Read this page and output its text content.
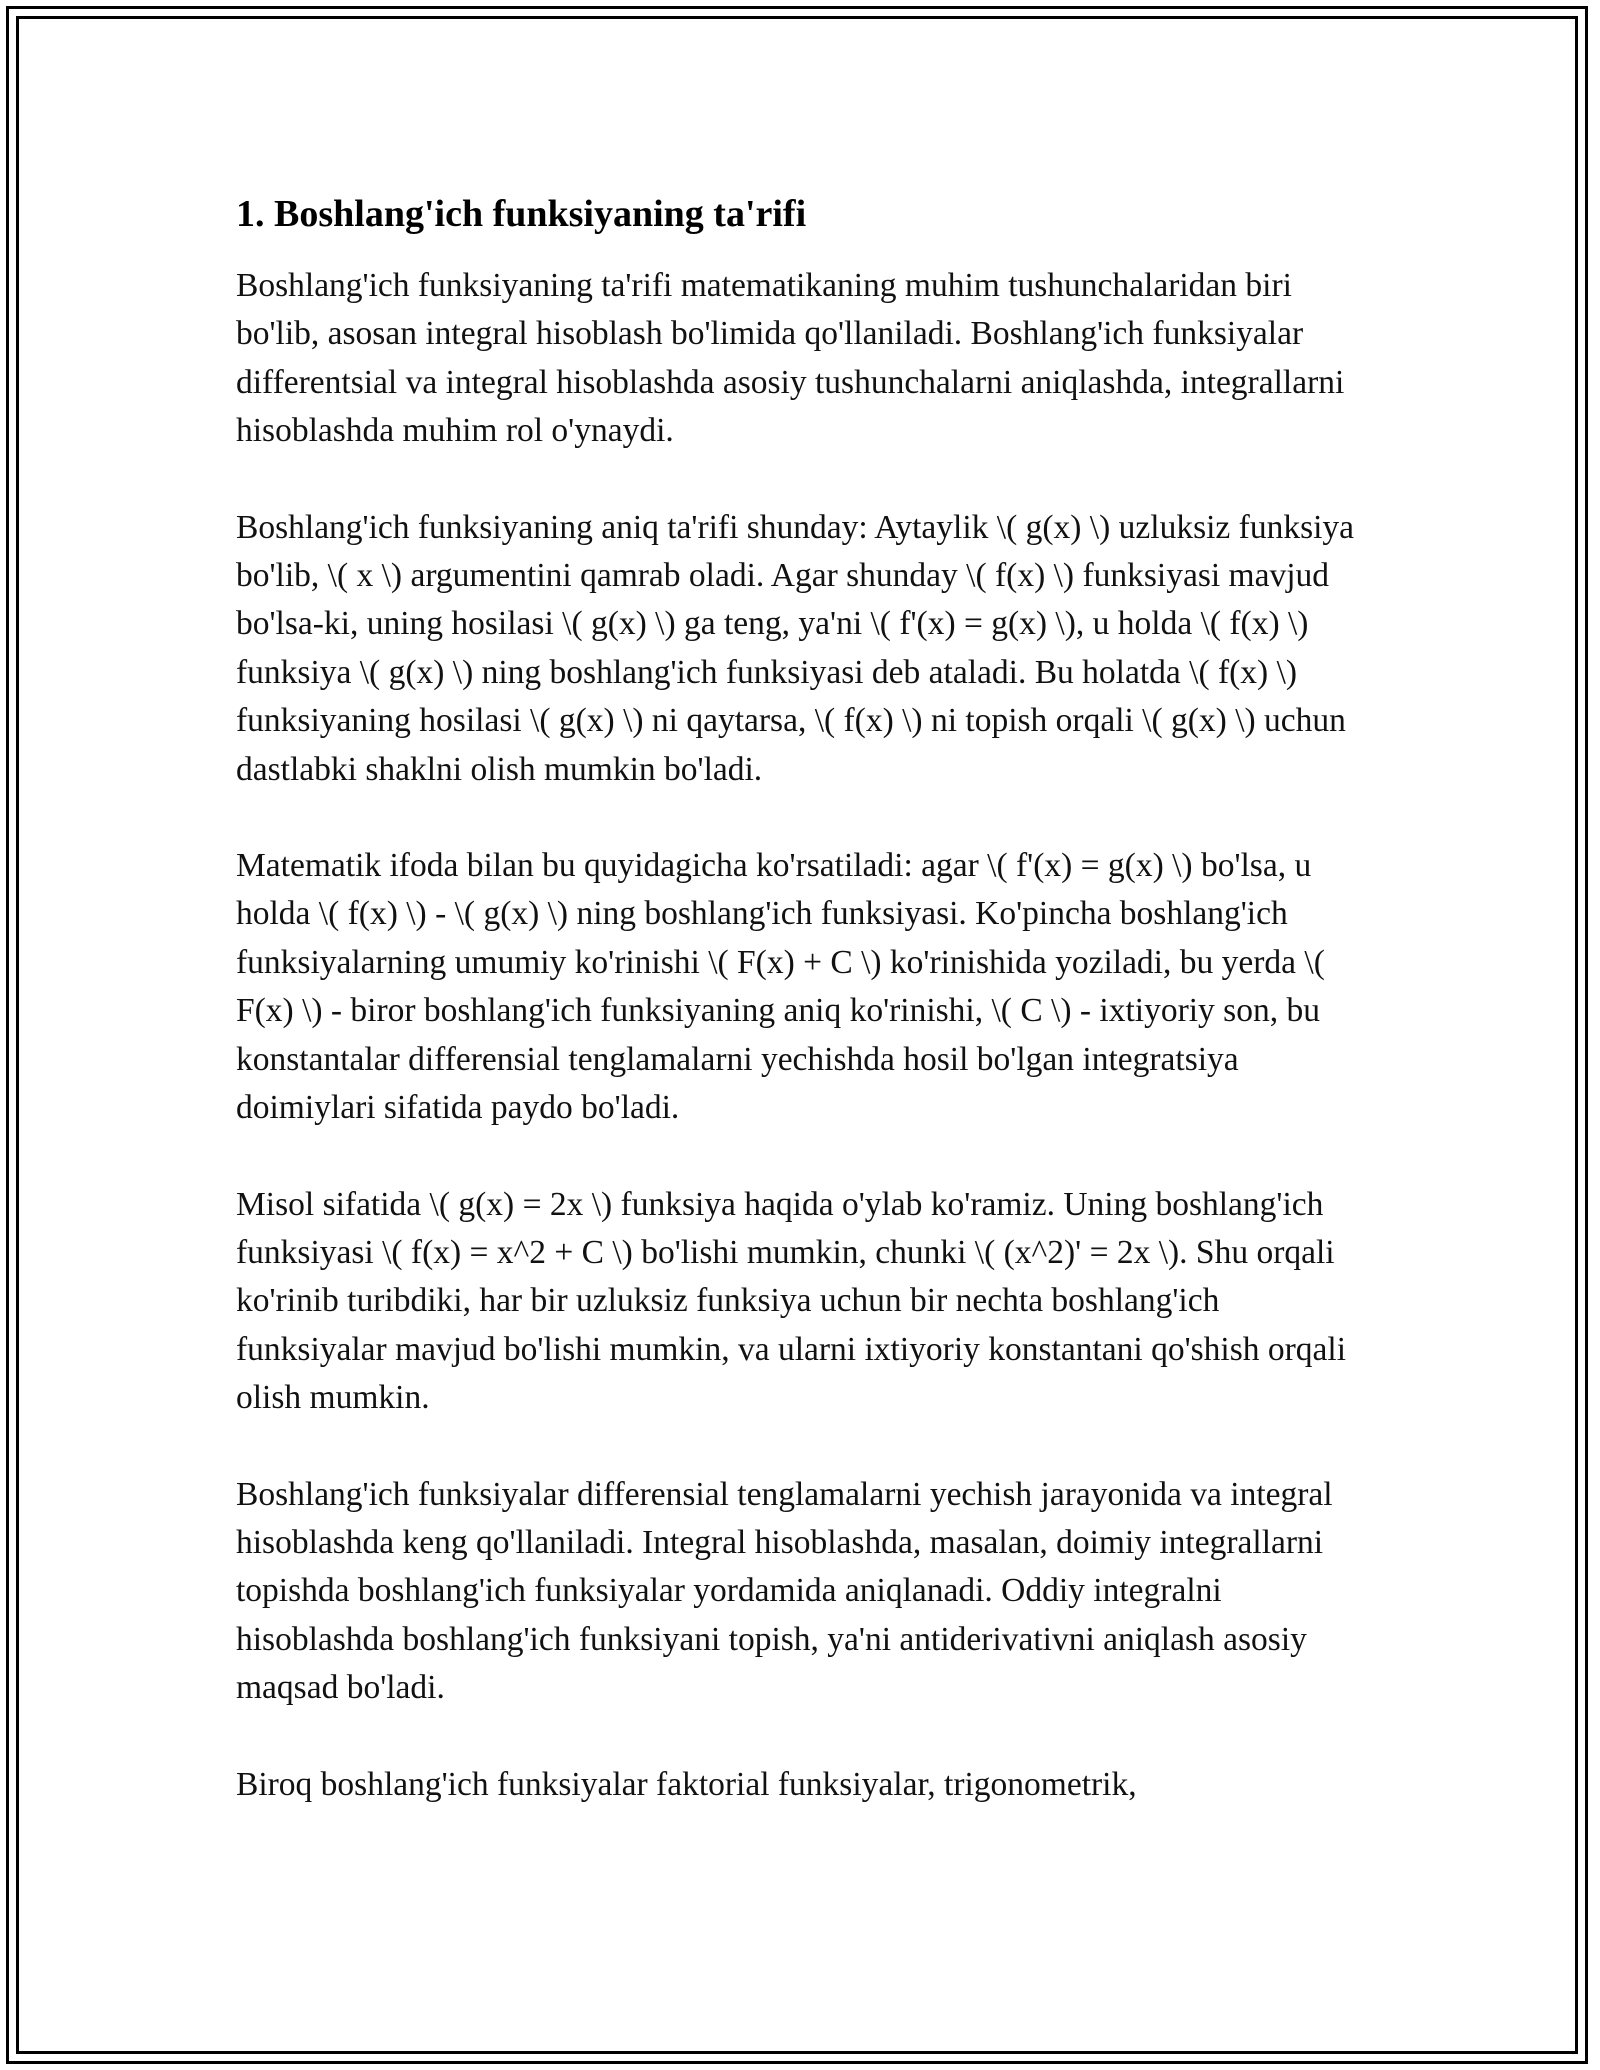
1. Boshlang'ich funksiyaning ta'rifi

Boshlang'ich funksiyaning ta'rifi matematikaning muhim tushunchalaridan biri bo'lib, asosan integral hisoblash bo'limida qo'llaniladi. Boshlang'ich funksiyalar differentsial va integral hisoblashda asosiy tushunchalarni aniqlashda, integrallarni hisoblashda muhim rol o'ynaydi.

Boshlang'ich funksiyaning aniq ta'rifi shunday: Aytaylik \( g(x) \) uzluksiz funksiya bo'lib, \( x \) argumentini qamrab oladi. Agar shunday \( f(x) \) funksiyasi mavjud bo'lsa-ki, uning hosilasi \( g(x) \) ga teng, ya'ni \( f'(x) = g(x) \), u holda \( f(x) \) funksiya \( g(x) \) ning boshlang'ich funksiyasi deb ataladi. Bu holatda \( f(x) \) funksiyaning hosilasi \( g(x) \) ni qaytarsa, \( f(x) \) ni topish orqali \( g(x) \) uchun dastlabki shaklni olish mumkin bo'ladi.

Matematik ifoda bilan bu quyidagicha ko'rsatiladi: agar \( f'(x) = g(x) \) bo'lsa, u holda \( f(x) \) - \( g(x) \) ning boshlang'ich funksiyasi. Ko'pincha boshlang'ich funksiyalarning umumiy ko'rinishi \( F(x) + C \) ko'rinishida yoziladi, bu yerda \( F(x) \) - biror boshlang'ich funksiyaning aniq ko'rinishi, \( C \) - ixtiyoriy son, bu konstantalar differensial tenglamalarni yechishda hosil bo'lgan integratsiya doimiylari sifatida paydo bo'ladi.

Misol sifatida \( g(x) = 2x \) funksiya haqida o'ylab ko'ramiz. Uning boshlang'ich funksiyasi \( f(x) = x^2 + C \) bo'lishi mumkin, chunki \( (x^2)' = 2x \). Shu orqali ko'rinib turibdiki, har bir uzluksiz funksiya uchun bir nechta boshlang'ich funksiyalar mavjud bo'lishi mumkin, va ularni ixtiyoriy konstantani qo'shish orqali olish mumkin.

Boshlang'ich funksiyalar differensial tenglamalarni yechish jarayonida va integral hisoblashda keng qo'llaniladi. Integral hisoblashda, masalan, doimiy integrallarni topishda boshlang'ich funksiyalar yordamida aniqlanadi. Oddiy integralni hisoblashda boshlang'ich funksiyani topish, ya'ni antiderivativni aniqlash asosiy maqsad bo'ladi.

Biroq boshlang'ich funksiyalar faktorial funksiyalar, trigonometrik,
